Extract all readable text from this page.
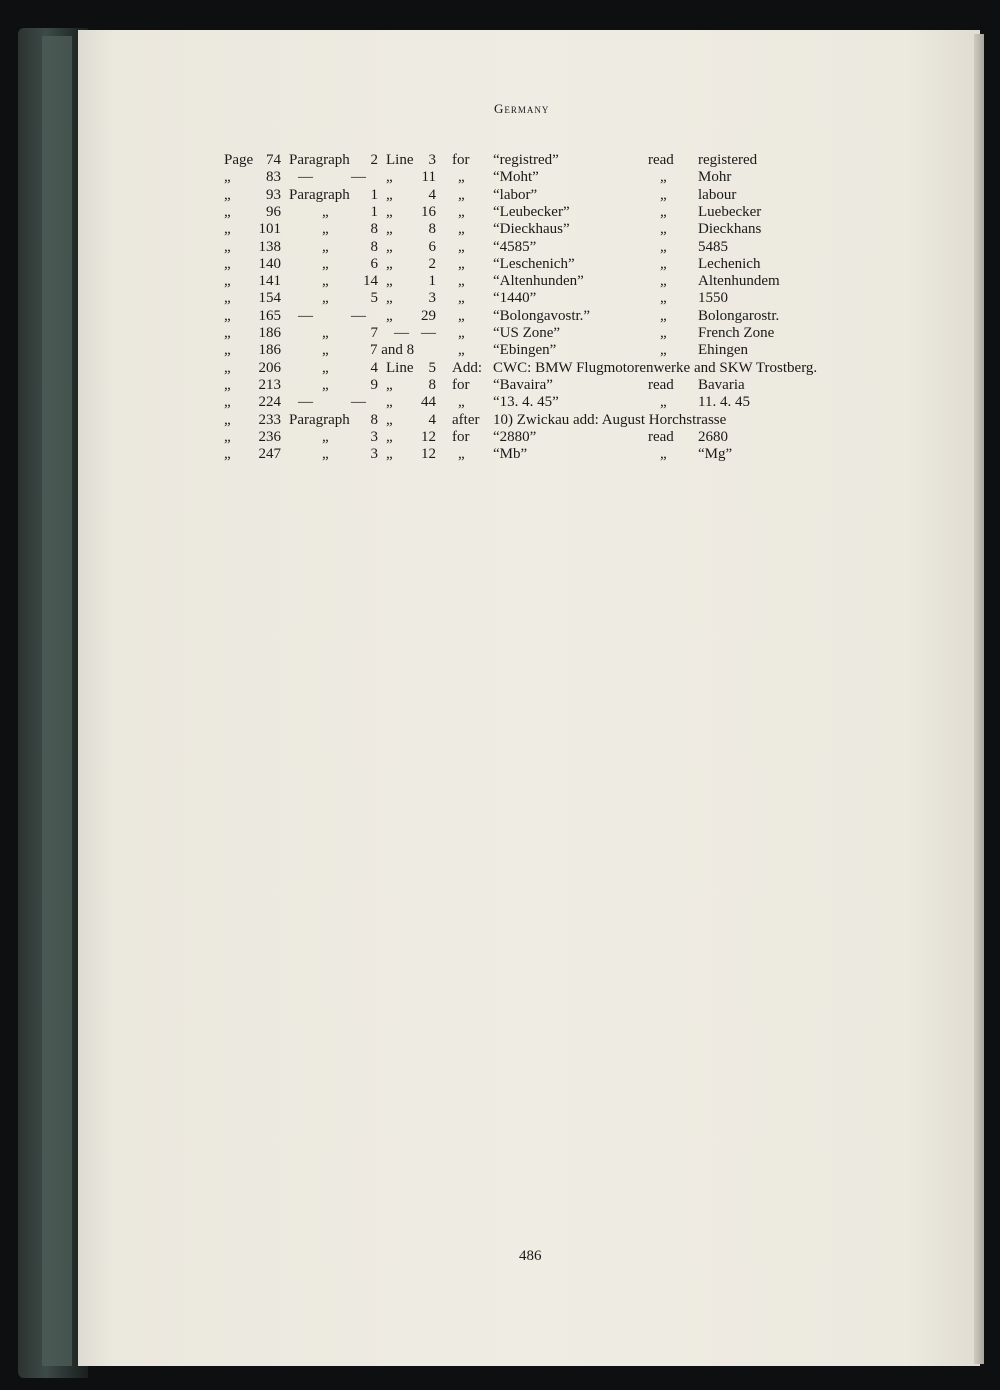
Germany
Page 74 Paragraph	2 Line	3 for “registred”	read registered
„	83 —	— „	11 „ “Moht”	„ Mohr
„	93 Paragraph	1 „	4 „ “labor”	„ labour
„	96	„	1 „	16 „ “Leubecker”	„ Luebecker
„	101	„	8 „	8 „ “Dieckhaus”	„ Dieckhans
„	138	„	8 „	6 „ “4585”	„ 5485
„	140	„	6 „	2 „ “Leschenich”	„ Lechenich
„	141	„	14 „	1 „ “Altenhunden”	„ Altenhundem
„	154	„	5 „	3 „ “1440”	„ 1550
„	165 —	— „	29 „ “Bolongavostr.”	„ Bolongarostr.
„	186	„	7 — — „ “US Zone”	„ French Zone
„	186	„	7 and 8	„ “Ebingen”	„ Ehingen
„	206	„	4 Line	5 Add: CWC: BMW Flugmotorenwerke and SKW Trostberg.
„	213	„	9 „	8 for “Bavaira”	read Bavaria
„	224 —	— „	44 „ “13. 4. 45”	„ 11. 4. 45
„	233 Paragraph	8 „	4 after 10) Zwickau add: August Horchstrasse
„	236	„	3 „	12 for “2880”	read 2680
„	247	„	3 „	12 „ “Mb”	„ “Mg”
486
